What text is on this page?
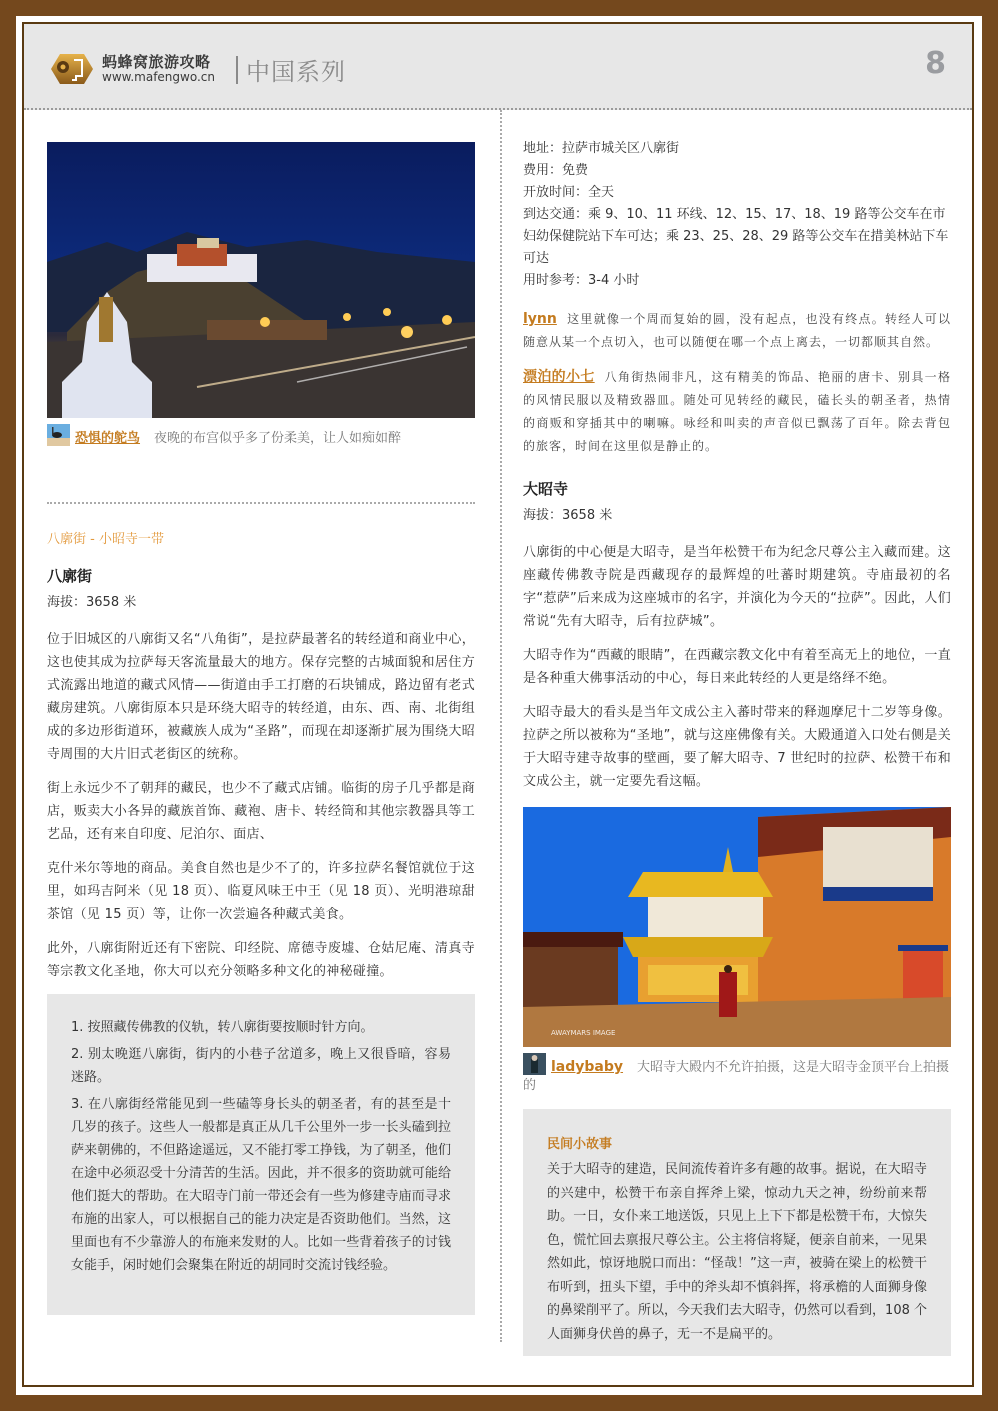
蚂蜂窝旅游攻略
www.mafengwo.cn 中国系列	8
恐惧的鸵鸟 夜晚的布宫似乎多了份柔美，让人如痴如醉
八廓街 - 小昭寺一带
八廓街
海拔：3658 米

位于旧城区的八廓街又名“八角街”，是拉萨最著名的转经道和商业中心，这也使其成为拉萨每天客流量最大的地方。保存完整的古城面貌和居住方式流露出地道的藏式风情——街道由手工打磨的石块铺成，路边留有老式藏房建筑。八廓街原本只是环绕大昭寺的转经道，由东、西、南、北街组成的多边形街道环，被藏族人成为“圣路”，而现在却逐渐扩展为围绕大昭寺周围的大片旧式老街区的统称。

街上永远少不了朝拜的藏民，也少不了藏式店铺。临街的房子几乎都是商店，贩卖大小各异的藏族首饰、藏袍、唐卡、转经筒和其他宗教器具等工艺品，还有来自印度、尼泊尔、面店、

克什米尔等地的商品。美食自然也是少不了的，许多拉萨名餐馆就位于这里，如玛吉阿米（见 18 页）、临夏风味王中王（见 18 页）、光明港琼甜茶馆（见 15 页）等，让你一次尝遍各种藏式美食。

此外，八廓街附近还有下密院、印经院、席德寺废墟、仓姑尼庵、清真寺等宗教文化圣地，你大可以充分领略多种文化的神秘碰撞。

1. 按照藏传佛教的仪轨，转八廓街要按顺时针方向。

2. 别太晚逛八廓街，街内的小巷子岔道多，晚上又很昏暗，容易迷路。

3. 在八廓街经常能见到一些磕等身长头的朝圣者，有的甚至是十几岁的孩子。这些人一般都是真正从几千公里外一步一长头磕到拉萨来朝佛的，不但路途遥远，又不能打零工挣钱，为了朝圣，他们在途中必须忍受十分清苦的生活。因此，并不很多的资助就可能给他们挺大的帮助。在大昭寺门前一带还会有一些为修建寺庙而寻求布施的出家人，可以根据自己的能力决定是否资助他们。当然，这里面也有不少靠游人的布施来发财的人。比如一些背着孩子的讨钱女能手，闲时她们会聚集在附近的胡同时交流讨钱经验。

地址：拉萨市城关区八廓街
费用：免费
开放时间：全天
到达交通：乘 9、10、11 环线、12、15、17、18、19 路等公交车在市妇幼保健院站下车可达；乘 23、25、28、29 路等公交车在措美林站下车可达
用时参考：3-4 小时

lynn 这里就像一个周而复始的圆，没有起点，也没有终点。转经人可以随意从某一个点切入，也可以随便在哪一个点上离去，一切都顺其自然。

漂泊的小七 八角街热闹非凡，这有精美的饰品、艳丽的唐卡、别具一格的风情民服以及精致器皿。随处可见转经的藏民，磕长头的朝圣者，热情的商贩和穿插其中的喇嘛。咏经和叫卖的声音似已飘荡了百年。除去背包的旅客，时间在这里似是静止的。

大昭寺
海拔：3658 米

八廓街的中心便是大昭寺，是当年松赞干布为纪念尺尊公主入藏而建。这座藏传佛教寺院是西藏现存的最辉煌的吐蕃时期建筑。寺庙最初的名字“惹萨”后来成为这座城市的名字，并演化为今天的“拉萨”。因此，人们常说“先有大昭寺，后有拉萨城”。

大昭寺作为“西藏的眼睛”，在西藏宗教文化中有着至高无上的地位，一直是各种重大佛事活动的中心，每日来此转经的人更是络绎不绝。

大昭寺最大的看头是当年文成公主入蕃时带来的释迦摩尼十二岁等身像。拉萨之所以被称为“圣地”，就与这座佛像有关。大殿通道入口处右侧是关于大昭寺建寺故事的壁画，要了解大昭寺、7 世纪时的拉萨、松赞干布和文成公主，就一定要先看这幅。

AWAYMARS IMAGE
ladybaby 大昭寺大殿内不允许拍摄，这是大昭寺金顶平台上拍摄的
民间小故事

关于大昭寺的建造，民间流传着许多有趣的故事。据说，在大昭寺的兴建中，松赞干布亲自挥斧上梁，惊动九天之神，纷纷前来帮助。一日，女仆来工地送饭，只见上上下下都是松赞干布，大惊失色，慌忙回去禀报尺尊公主。公主将信将疑，便亲自前来，一见果然如此，惊讶地脱口而出：“怪哉！”这一声，被骑在梁上的松赞干布听到，扭头下望，手中的斧头却不慎斜挥，将承檐的人面狮身像的鼻梁削平了。所以，今天我们去大昭寺，仍然可以看到，108 个人面狮身伏兽的鼻子，无一不是扁平的。
